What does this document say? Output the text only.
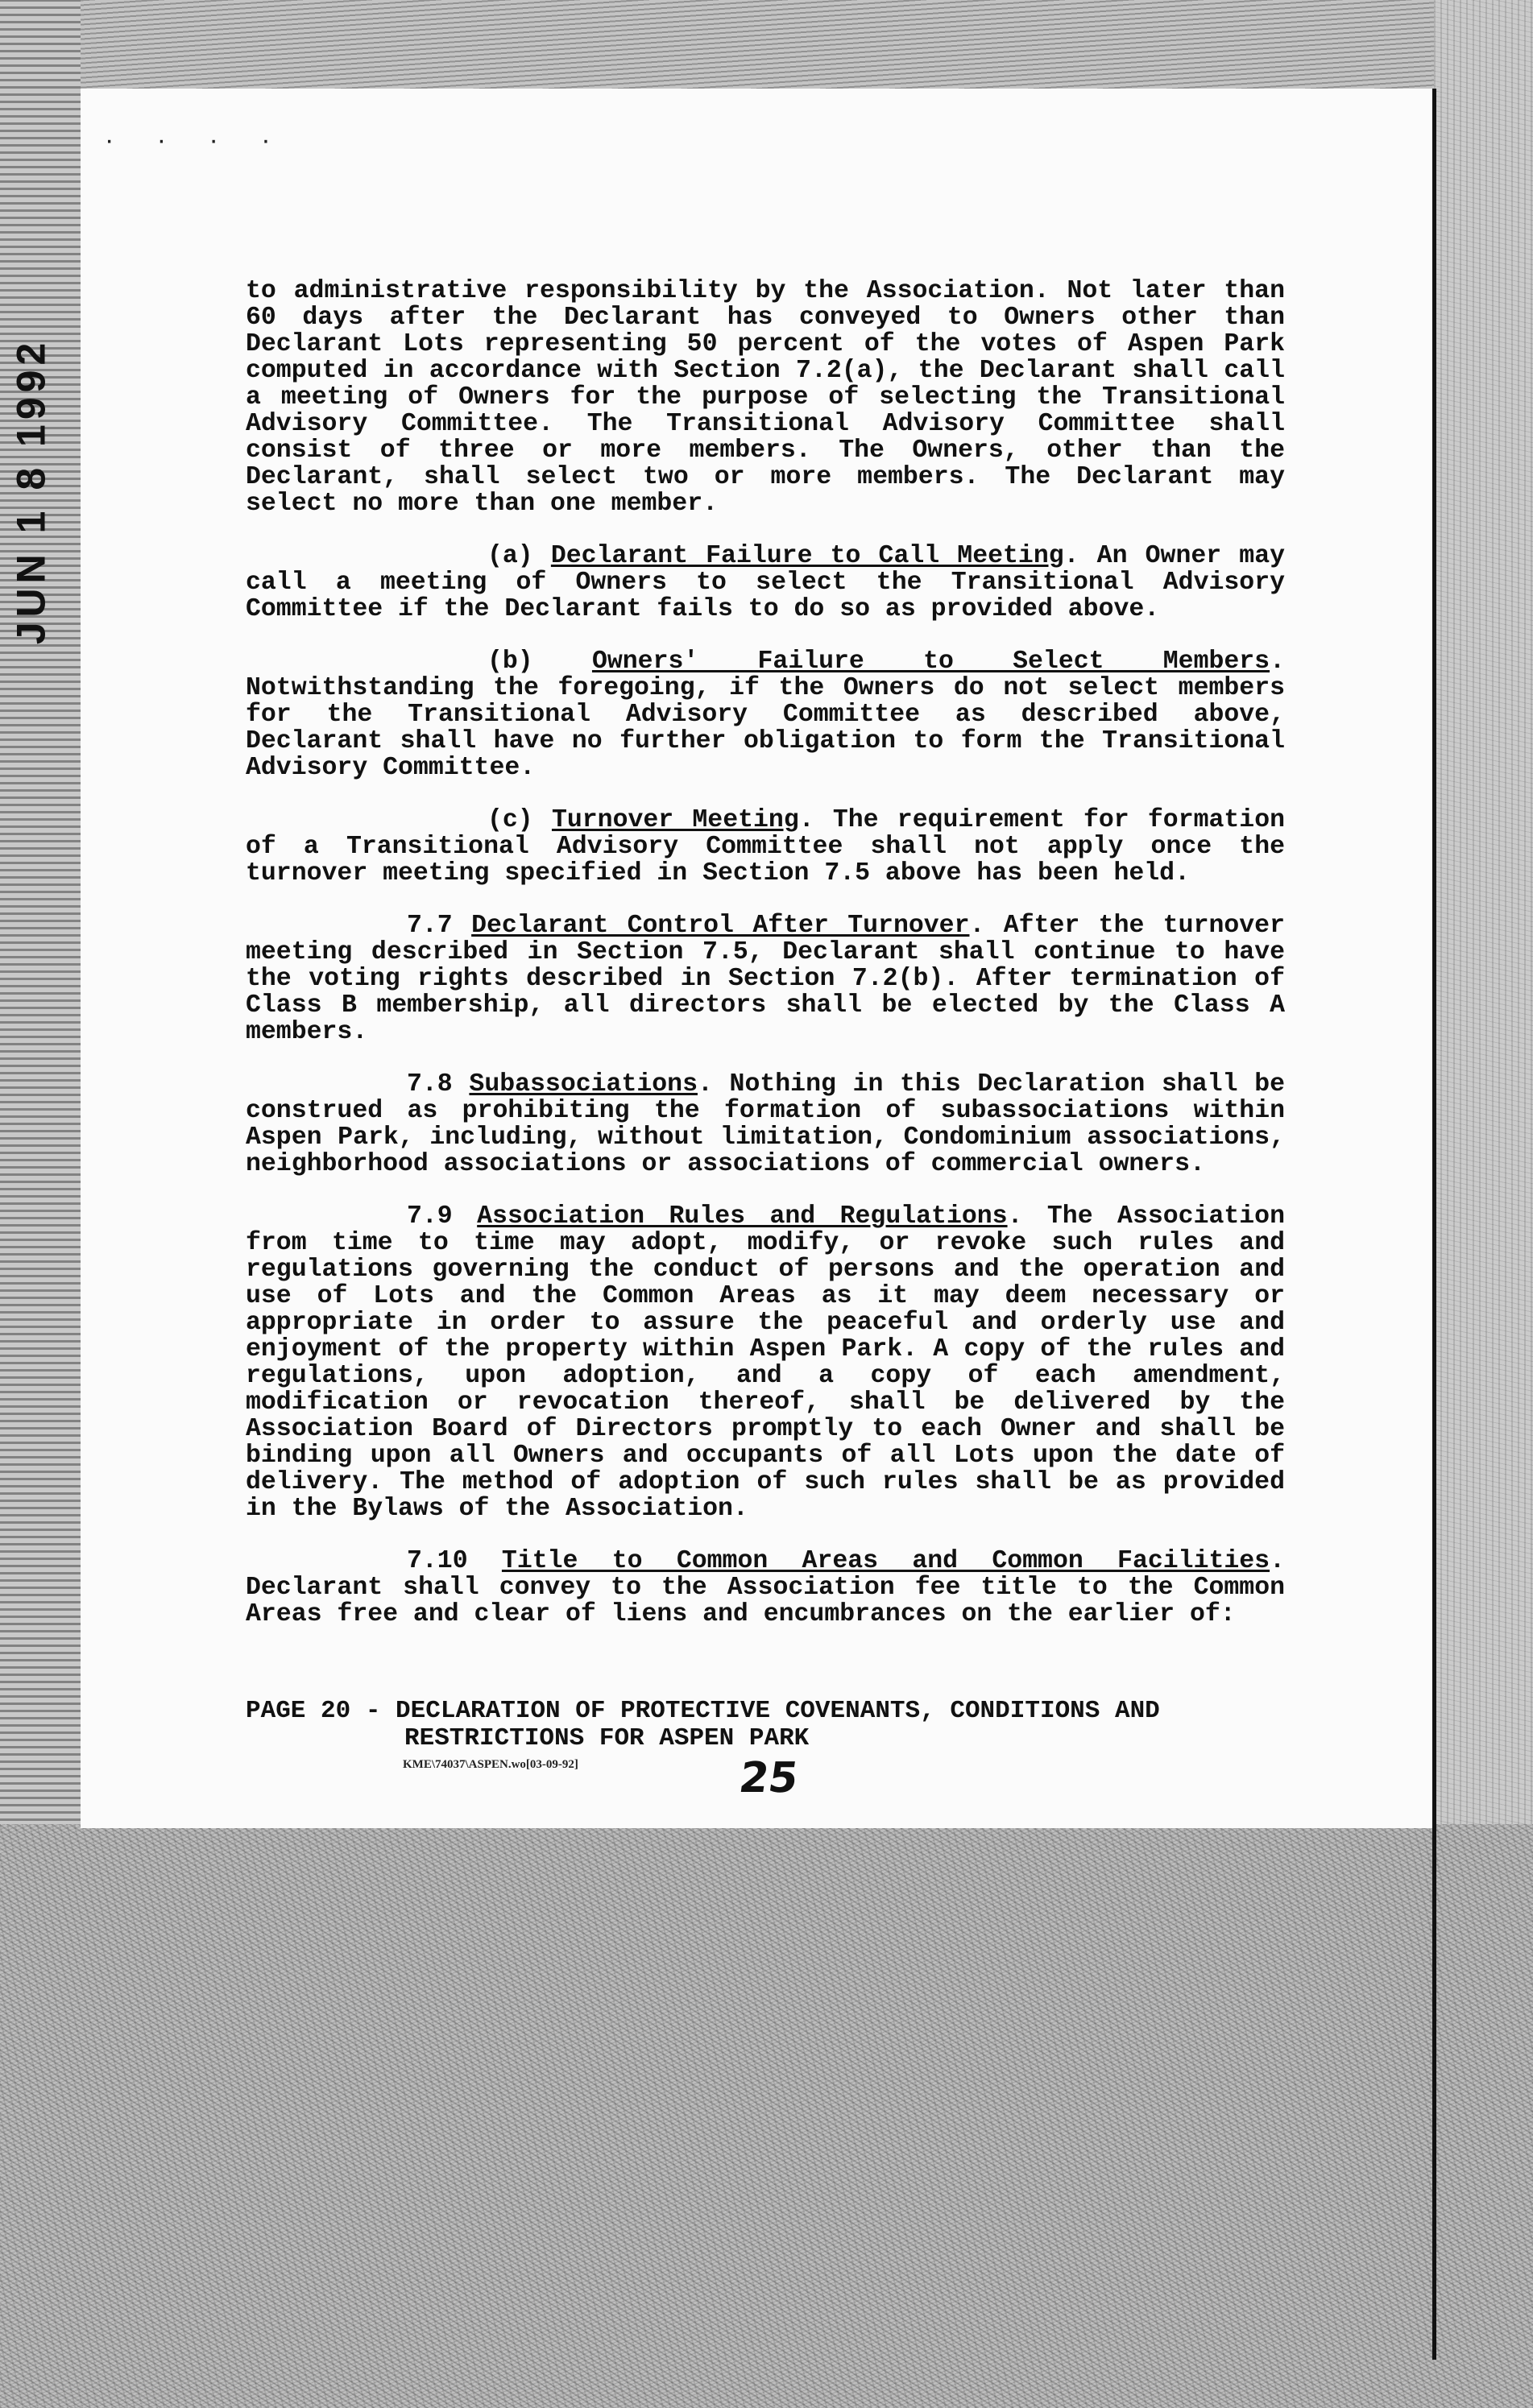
JUN 1 8 1992
· · · ·

to administrative responsibility by the Association. Not later than 60 days after the Declarant has conveyed to Owners other than Declarant Lots representing 50 percent of the votes of Aspen Park computed in accordance with Section 7.2(a), the Declarant shall call a meeting of Owners for the purpose of selecting the Transitional Advisory Committee. The Transitional Advisory Committee shall consist of three or more members. The Owners, other than the Declarant, shall select two or more members. The Declarant may select no more than one member.

(a) Declarant Failure to Call Meeting. An Owner may call a meeting of Owners to select the Transitional Advisory Committee if the Declarant fails to do so as provided above.

(b) Owners' Failure to Select Members. Notwithstanding the foregoing, if the Owners do not select members for the Transitional Advisory Committee as described above, Declarant shall have no further obligation to form the Transitional Advisory Committee.

(c) Turnover Meeting. The requirement for formation of a Transitional Advisory Committee shall not apply once the turnover meeting specified in Section 7.5 above has been held.

7.7 Declarant Control After Turnover. After the turnover meeting described in Section 7.5, Declarant shall continue to have the voting rights described in Section 7.2(b). After termination of Class B membership, all directors shall be elected by the Class A members.

7.8 Subassociations. Nothing in this Declaration shall be construed as prohibiting the formation of subassociations within Aspen Park, including, without limitation, Condominium associations, neighborhood associations or associations of commercial owners.

7.9 Association Rules and Regulations. The Association from time to time may adopt, modify, or revoke such rules and regulations governing the conduct of persons and the operation and use of Lots and the Common Areas as it may deem necessary or appropriate in order to assure the peaceful and orderly use and enjoyment of the property within Aspen Park. A copy of the rules and regulations, upon adoption, and a copy of each amendment, modification or revocation thereof, shall be delivered by the Association Board of Directors promptly to each Owner and shall be binding upon all Owners and occupants of all Lots upon the date of delivery. The method of adoption of such rules shall be as provided in the Bylaws of the Association.

7.10 Title to Common Areas and Common Facilities. Declarant shall convey to the Association fee title to the Common Areas free and clear of liens and encumbrances on the earlier of:

PAGE 20 - DECLARATION OF PROTECTIVE COVENANTS, CONDITIONS AND
RESTRICTIONS FOR ASPEN PARK
KME\74037\ASPEN.wo[03-09-92]	25
